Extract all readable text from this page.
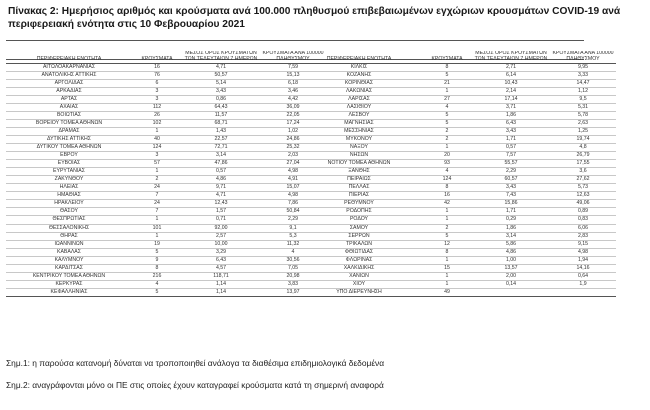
Πίνακας 2: Ημερήσιος αριθμός και κρούσματα ανά 100.000 πληθυσμού επιβεβαιωμένων εγχώριων κρουσμάτων COVID-19 ανά περιφερειακή ενότητα στις 10 Φεβρουαρίου 2021
ΠΕΡΙΦΕΡΕΙΑΚΗ ΕΝΟΤΗΤΑ	ΚΡΟΥΣΜΑΤΑ	ΜΕΣΟΣ ΟΡΟΣ ΚΡΟΥΣΜΑΤΩΝ ΤΩΝ ΤΕΛΕΥΤΑΙΩΝ 7 ΗΜΕΡΩΝ	ΚΡΟΥΣΜΑΤΑ ΑΝΑ 100000 ΠΛΗΘΥΣΜΟΥ
ΑΙΤΩΛΟΑΚΑΡΝΑΝΙΑΣ	16	4,71	7,59
ΑΝΑΤΟΛΙΚΗΣ ΑΤΤΙΚΗΣ	76	50,57	15,13
ΑΡΓΟΛΙΔΑΣ	6	5,14	6,18
ΑΡΚΑΔΙΑΣ	3	3,43	3,46
ΑΡΤΑΣ	3	0,86	4,42
ΑΧΑΪΑΣ	112	64,43	36,09
ΒΟΙΩΤΙΑΣ	26	11,57	22,05
ΒΟΡΕΙΟΥ ΤΟΜΕΑ ΑΘΗΝΩΝ	102	68,71	17,24
ΔΡΑΜΑΣ	1	1,43	1,02
ΔΥΤΙΚΗΣ ΑΤΤΙΚΗΣ	40	22,57	24,86
ΔΥΤΙΚΟΥ ΤΟΜΕΑ ΑΘΗΝΩΝ	124	72,71	25,32
ΕΒΡΟΥ	3	3,14	2,03
ΕΥΒΟΙΑΣ	57	47,86	27,04
ΕΥΡΥΤΑΝΙΑΣ	1	0,57	4,98
ΖΑΚΥΝΘΟΥ	2	4,86	4,91
ΗΛΕΙΑΣ	24	9,71	15,07
ΗΜΑΘΙΑΣ	7	4,71	4,98
ΗΡΑΚΛΕΙΟΥ	24	12,43	7,86
ΘΑΣΟΥ	7	1,57	50,84
ΘΕΣΠΡΩΤΙΑΣ	1	0,71	2,29
ΘΕΣΣΑΛΟΝΙΚΗΣ	101	92,00	9,1
ΘΗΡΑΣ	1	2,57	5,3
ΙΩΑΝΝΙΝΩΝ	19	10,00	11,32
ΚΑΒΑΛΑΣ	5	3,29	4
ΚΑΛΥΜΝΟΥ	9	6,43	30,56
ΚΑΡΔΙΤΣΑΣ	8	4,57	7,05
ΚΕΝΤΡΙΚΟΥ ΤΟΜΕΑ ΑΘΗΝΩΝ	216	118,71	20,98
ΚΕΡΚΥΡΑΣ	4	1,14	3,83
ΚΕΦΑΛΛΗΝΙΑΣ	5	1,14	13,97
ΠΕΡΙΦΕΡΕΙΑΚΗ ΕΝΟΤΗΤΑ	ΚΡΟΥΣΜΑΤΑ	ΜΕΣΟΣ ΟΡΟΣ ΚΡΟΥΣΜΑΤΩΝ ΤΩΝ ΤΕΛΕΥΤΑΙΩΝ 7 ΗΜΕΡΩΝ	ΚΡΟΥΣΜΑΤΑ ΑΝΑ 100000 ΠΛΗΘΥΣΜΟΥ
ΚΙΛΚΙΣ	8	2,71	9,95
ΚΟΖΑΝΗΣ	5	6,14	3,33
ΚΟΡΙΝΘΙΑΣ	21	10,43	14,47
ΛΑΚΩΝΙΑΣ	1	2,14	1,12
ΛΑΡΙΣΑΣ	27	17,14	9,5
ΛΑΣΙΘΙΟΥ	4	3,71	5,31
ΛΕΣΒΟΥ	5	1,86	5,78
ΜΑΓΝΗΣΙΑΣ	5	6,43	2,63
ΜΕΣΣΗΝΙΑΣ	2	3,43	1,25
ΜΥΚΟΝΟΥ	2	1,71	19,74
ΝΑΞΟΥ	1	0,57	4,8
ΝΗΣΩΝ	20	7,57	26,79
ΝΟΤΙΟΥ ΤΟΜΕΑ ΑΘΗΝΩΝ	93	55,57	17,55
ΞΑΝΘΗΣ	4	2,29	3,6
ΠΕΙΡΑΙΩΣ	124	60,57	27,62
ΠΕΛΛΑΣ	8	3,43	5,73
ΠΙΕΡΙΑΣ	16	7,43	12,63
ΡΕΘΥΜΝΟΥ	42	15,86	49,06
ΡΟΔΟΠΗΣ	1	1,71	0,89
ΡΟΔΟΥ	1	0,29	0,83
ΣΑΜΟΥ	2	1,86	6,06
ΣΕΡΡΩΝ	5	3,14	2,83
ΤΡΙΚΑΛΩΝ	12	5,86	9,15
ΦΘΙΩΤΙΔΑΣ	8	4,86	4,98
ΦΛΩΡΙΝΑΣ	1	1,00	1,94
ΧΑΛΚΙΔΙΚΗΣ	15	13,57	14,16
ΧΑΝΙΩΝ	1	2,00	0,64
ΧΙΟΥ	1	0,14	1,9
ΥΠΟ ΔΙΕΡΕΥΝΗΣΗ	49		
Σημ.1: η παρούσα κατανομή δύναται να τροποποιηθεί ανάλογα τα διαθέσιμα επιδημιολογικά δεδομένα
Σημ.2: αναγράφονται μόνο οι ΠΕ στις οποίες έχουν καταγραφεί κρούσματα κατά τη σημερινή αναφορά
